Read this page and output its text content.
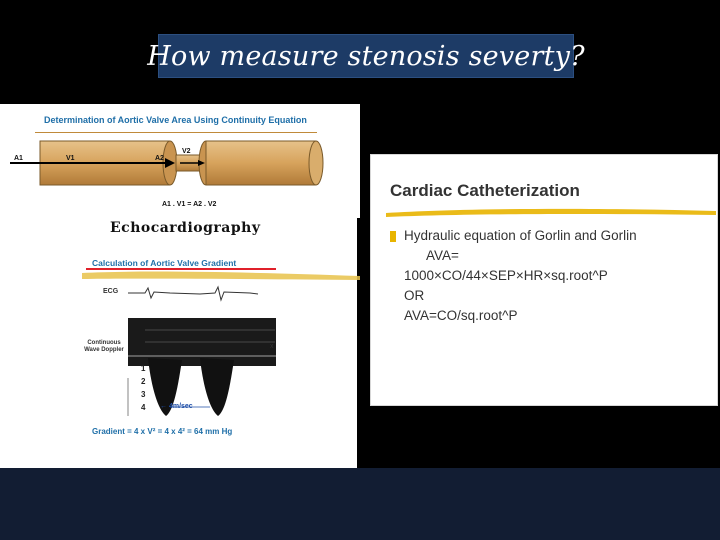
How measure stenosis severty?
Determination of Aortic Valve Area Using Continuity Equation
A1	V1	A2
V2
A1 . V1 = A2 . V2
Echocardiography
Calculation of Aortic Valve Gradient
ECG
Continuous Wave Doppler
1
2
3
4 ← 4m/sec
x
Gradient = 4 x V² = 4 x 4² = 64 mm Hg
Cardiac Catheterization
Hydraulic equation of Gorlin and Gorlin
AVA=
1000×CO/44×SEP×HR×sq.root^P
OR
AVA=CO/sq.root^P
